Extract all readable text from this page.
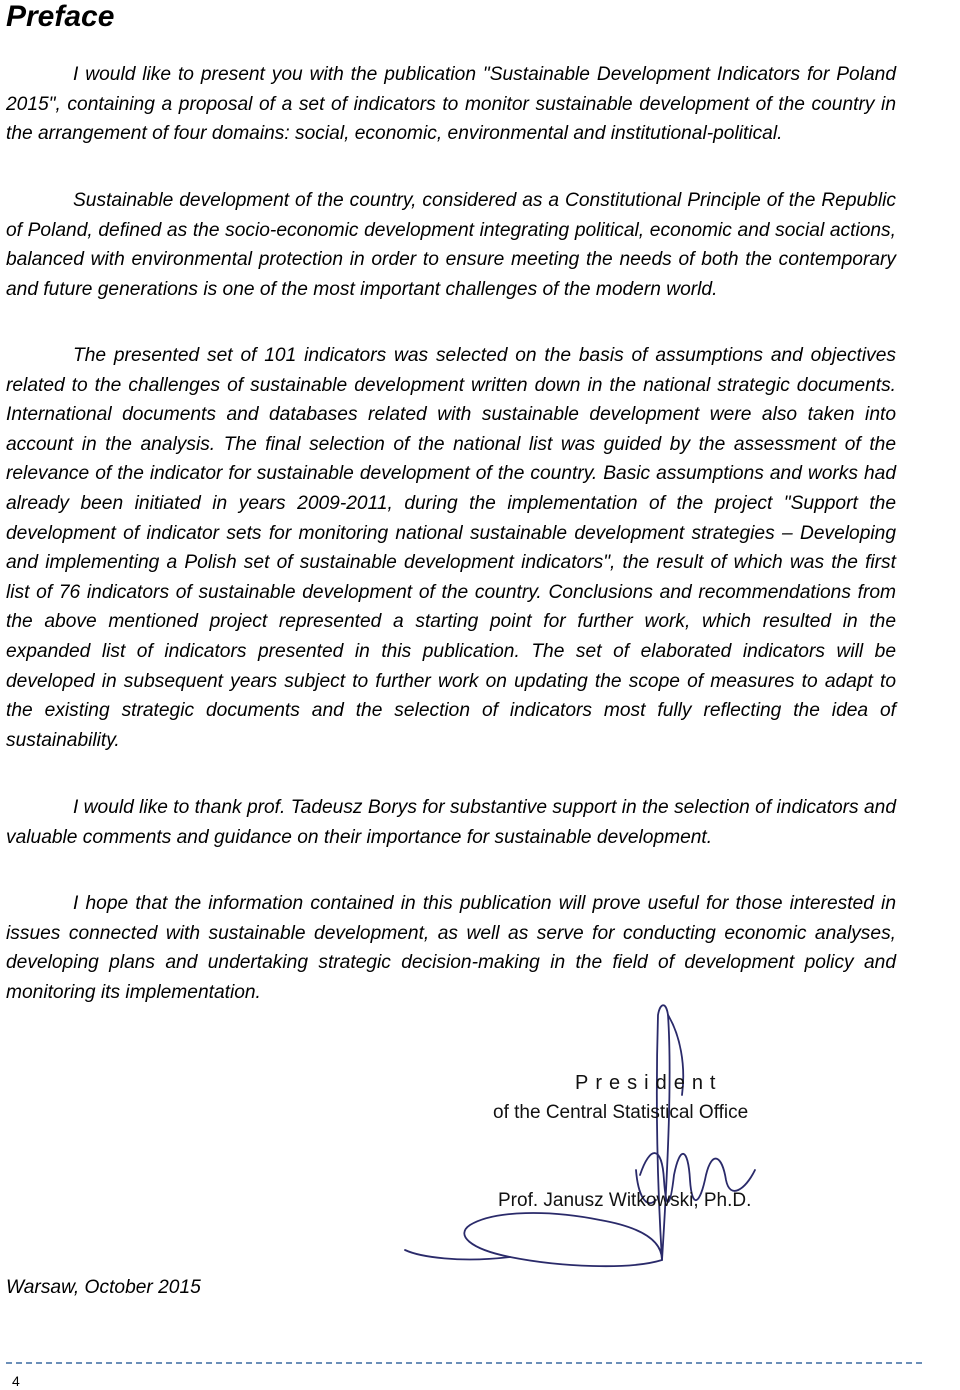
Preface

I would like to present you with the publication "Sustainable Development Indicators for Poland 2015", containing a proposal of a set of indicators to monitor sustainable development of the country in the arrangement of four domains: social, economic, environmental and institutional-political.

Sustainable development of the country, considered as a Constitutional Principle of the Republic of Poland, defined as the socio-economic development integrating political, economic and social actions, balanced with environmental protection in order to ensure meeting the needs of both the contemporary and future generations is one of the most important challenges of the modern world.

The presented set of 101 indicators was selected on the basis of assumptions and objectives related to the challenges of sustainable development written down in the national strategic documents. International documents and databases related with sustainable development were also taken into account in the analysis. The final selection of the national list was guided by the assessment of the relevance of the indicator for sustainable development of the country. Basic assumptions and works had already been initiated in years 2009-2011, during the implementation of the project "Support the development of indicator sets for monitoring national sustainable development strategies – Developing and implementing a Polish set of sustainable development indicators", the result of which was the first list of 76 indicators of sustainable development of the country. Conclusions and recommendations from the above mentioned project represented a starting point for further work, which resulted in the expanded list of indicators presented in this publication. The set of elaborated indicators will be developed in subsequent years subject to further work on updating the scope of measures to adapt to the existing strategic documents and the selection of indicators most fully reflecting the idea of sustainability.

I would like to thank prof. Tadeusz Borys for substantive support in the selection of indicators and valuable comments and guidance on their importance for sustainable development.

I hope that the information contained in this publication will prove useful for those interested in issues connected with sustainable development, as well as serve for conducting economic analyses, developing plans and undertaking strategic decision-making in the field of development policy and monitoring its implementation.

President
of the Central Statistical Office
Prof. Janusz Witkowski, Ph.D.
Warsaw, October 2015
4
